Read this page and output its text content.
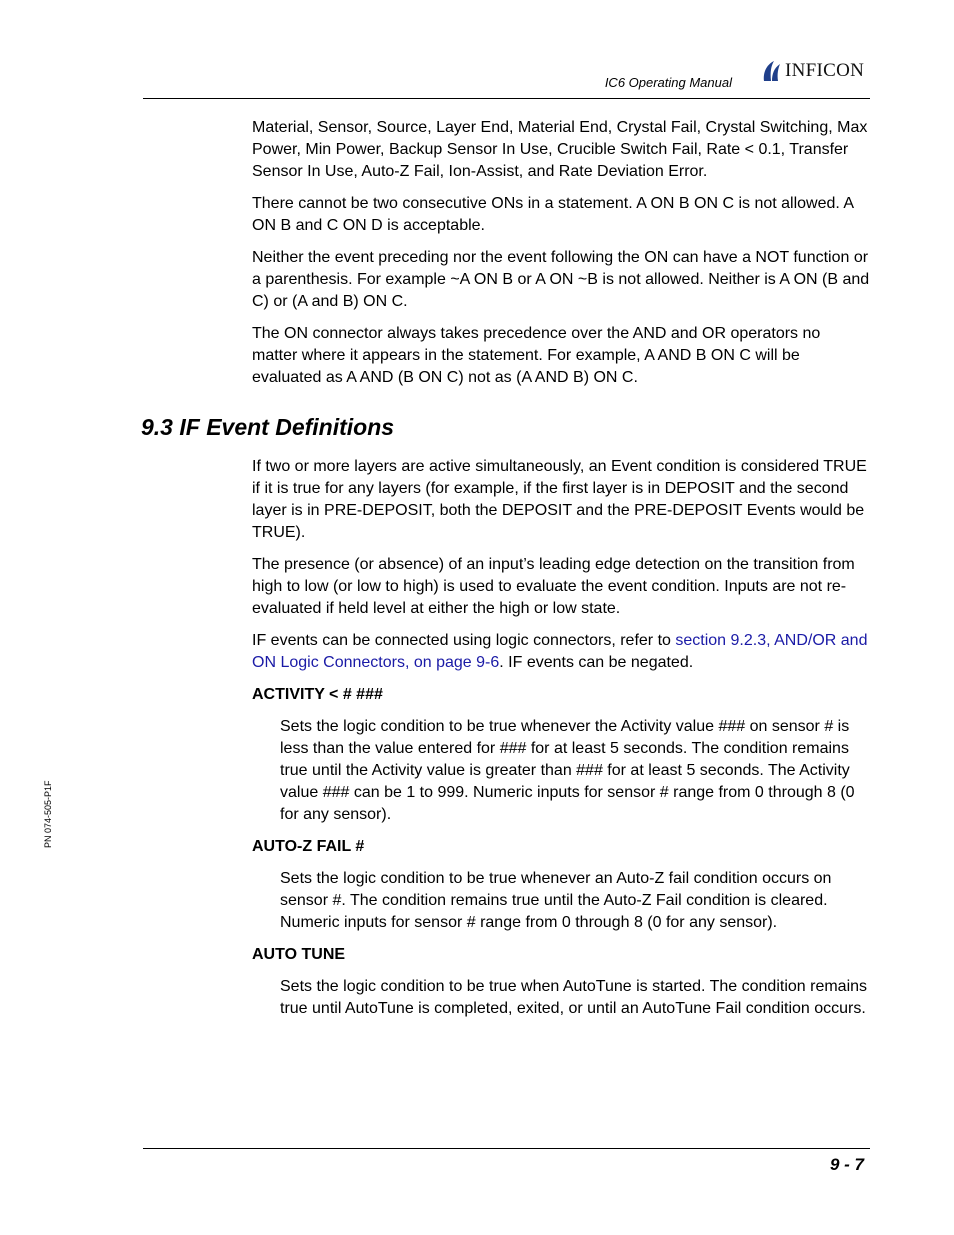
IC6 Operating Manual
INFICON
PN 074-505-P1F

Material, Sensor, Source, Layer End, Material End, Crystal Fail, Crystal Switching, Max Power, Min Power, Backup Sensor In Use, Crucible Switch Fail, Rate < 0.1, Transfer Sensor In Use, Auto-Z Fail, Ion-Assist, and Rate Deviation Error.

There cannot be two consecutive ONs in a statement. A ON B ON C is not allowed. A ON B and C ON D is acceptable.

Neither the event preceding nor the event following the ON can have a NOT function or a parenthesis. For example ~A ON B or A ON ~B is not allowed. Neither is A ON (B and C) or (A and B) ON C.

The ON connector always takes precedence over the AND and OR operators no matter where it appears in the statement. For example, A AND B ON C will be evaluated as A AND (B ON C) not as (A AND B) ON C.

9.3 IF Event Definitions

If two or more layers are active simultaneously, an Event condition is considered TRUE if it is true for any layers (for example, if the first layer is in DEPOSIT and the second layer is in PRE-DEPOSIT, both the DEPOSIT and the PRE-DEPOSIT Events would be TRUE).

The presence (or absence) of an input’s leading edge detection on the transition from high to low (or low to high) is used to evaluate the event condition. Inputs are not re-evaluated if held level at either the high or low state.

IF events can be connected using logic connectors, refer to section 9.2.3, AND/OR and ON Logic Connectors, on page 9-6. IF events can be negated.

ACTIVITY < # ###

Sets the logic condition to be true whenever the Activity value ### on sensor # is less than the value entered for ### for at least 5 seconds. The condition remains true until the Activity value is greater than ### for at least 5 seconds. The Activity value ### can be 1 to 999. Numeric inputs for sensor # range from 0 through 8 (0 for any sensor).

AUTO-Z FAIL #

Sets the logic condition to be true whenever an Auto-Z fail condition occurs on sensor #. The condition remains true until the Auto-Z Fail condition is cleared. Numeric inputs for sensor # range from 0 through 8 (0 for any sensor).

AUTO TUNE

Sets the logic condition to be true when AutoTune is started. The condition remains true until AutoTune is completed, exited, or until an AutoTune Fail condition occurs.

9 - 7
